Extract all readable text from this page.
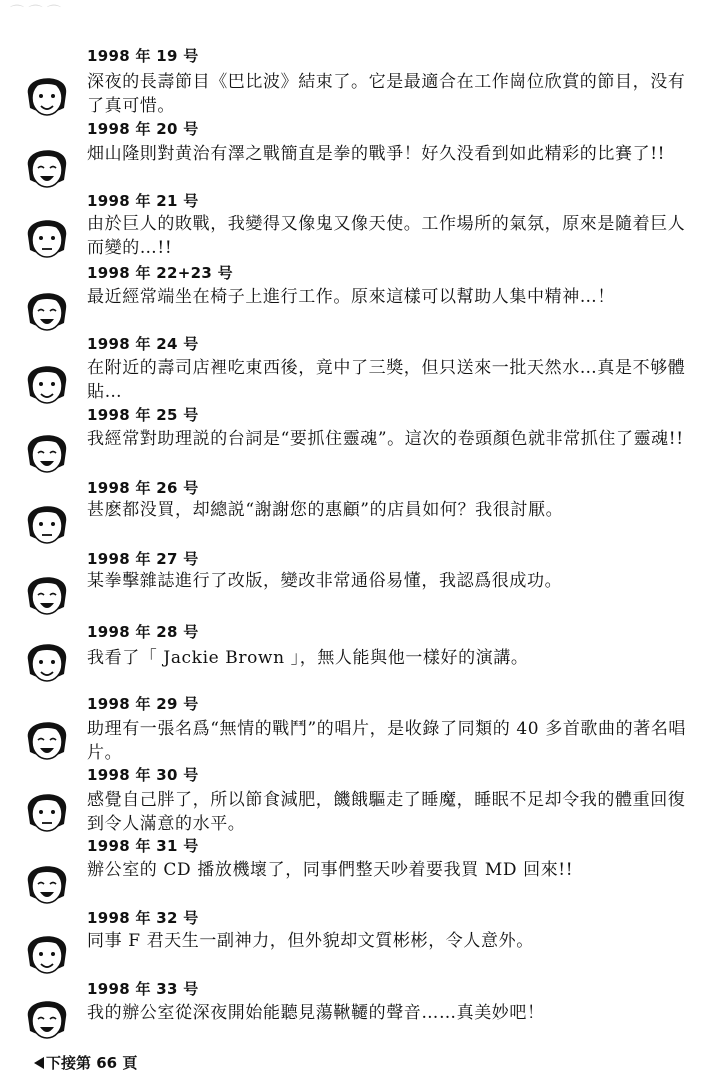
⌒ ⌒ ⌒
1998 年 19 号
深夜的長壽節目《巴比波》結束了。它是最適合在工作崗位欣賞的節目，没有了真可惜。
1998 年 20 号
畑山隆則對黄治有澤之戰簡直是拳的戰爭！好久没看到如此精彩的比賽了!!
1998 年 21 号
由於巨人的敗戰，我變得又像鬼又像天使。工作場所的氣氛，原來是隨着巨人而變的…!!
1998 年 22+23 号
最近經常端坐在椅子上進行工作。原來這樣可以幫助人集中精神…！
1998 年 24 号
在附近的壽司店裡吃東西後，竟中了三獎，但只送來一批天然水…真是不够體貼…
1998 年 25 号
我經常對助理説的台詞是“要抓住靈魂”。這次的卷頭顏色就非常抓住了靈魂!!
1998 年 26 号
甚麽都没買，却總説“謝謝您的惠顧”的店員如何？我很討厭。
1998 年 27 号
某拳擊雜誌進行了改版，變改非常通俗易懂，我認爲很成功。
1998 年 28 号
我看了「 Jackie Brown 」，無人能與他一樣好的演講。
1998 年 29 号
助理有一張名爲“無情的戰鬥”的唱片，是收錄了同類的 40 多首歌曲的著名唱片。
1998 年 30 号
感覺自己胖了，所以節食減肥，饑餓驅走了睡魔，睡眠不足却令我的體重回復到令人滿意的水平。
1998 年 31 号
辦公室的 CD 播放機壞了，同事們整天吵着要我買 MD 回來!!
1998 年 32 号
同事 F 君天生一副神力，但外貌却文質彬彬，令人意外。
1998 年 33 号
我的辦公室從深夜開始能聽見蕩鞦韆的聲音……真美妙吧！
下接第 66 頁
